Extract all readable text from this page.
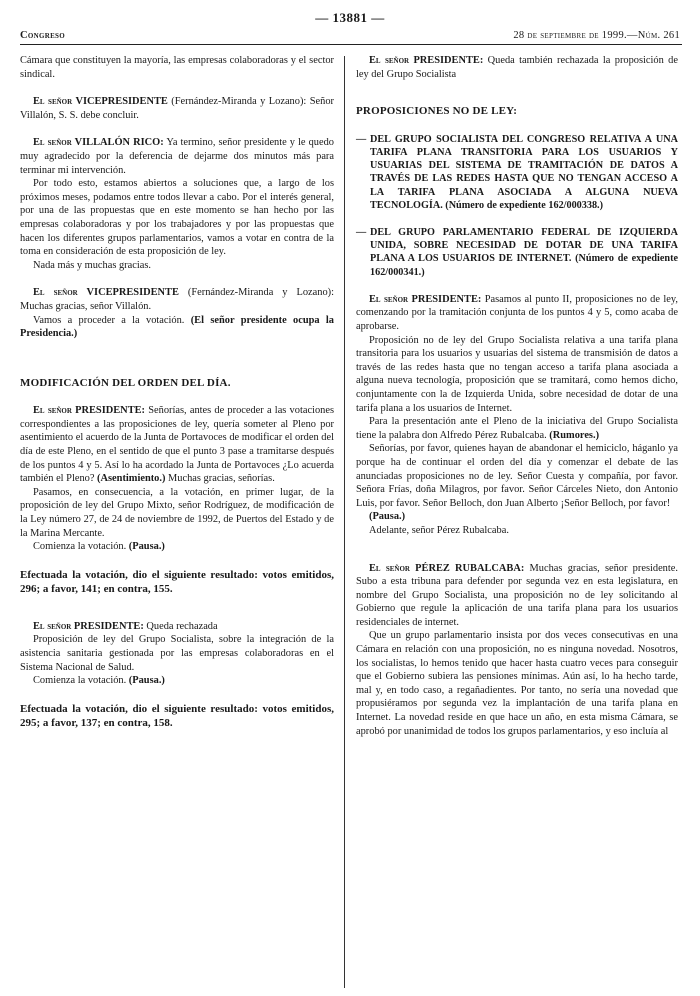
— 13881 —
Congreso	28 de septiembre de 1999.—Núm. 261

Cámara que constituyen la mayoría, las empresas colaboradoras y el sector sindical.

El señor VICEPRESIDENTE (Fernández-Miranda y Lozano): Señor Villalón, S. S. debe concluir.

El señor VILLALÓN RICO: Ya termino, señor presidente y le quedo muy agradecido por la deferencia de dejarme dos minutos más para terminar mi intervención.

Por todo esto, estamos abiertos a soluciones que, a largo de los próximos meses, podamos entre todos llevar a cabo. Por el interés general, por una de las propuestas que en este momento se han hecho por las empresas colaboradoras y por los trabajadores y por las propuestas que hacen los diferentes grupos parlamentarios, vamos a votar en contra de la toma en consideración de esta proposición de ley.

Nada más y muchas gracias.

El señor VICEPRESIDENTE (Fernández-Miranda y Lozano): Muchas gracias, señor Villalón.

Vamos a proceder a la votación. (El señor presidente ocupa la Presidencia.)

MODIFICACIÓN DEL ORDEN DEL DÍA.

El señor PRESIDENTE: Señorías, antes de proceder a las votaciones correspondientes a las proposiciones de ley, quería someter al Pleno por asentimiento el acuerdo de la Junta de Portavoces de modificar el orden del día de este Pleno, en el sentido de que el punto 3 pase a tramitarse después de los puntos 4 y 5. Así lo ha acordado la Junta de Portavoces ¿Lo acuerda también el Pleno? (Asentimiento.) Muchas gracias, señorías.

Pasamos, en consecuencia, a la votación, en primer lugar, de la proposición de ley del Grupo Mixto, señor Rodríguez, de modificación de la Ley número 27, de 24 de noviembre de 1992, de Puertos del Estado y de la Marina Mercante.

Comienza la votación. (Pausa.)

Efectuada la votación, dio el siguiente resultado: votos emitidos, 296; a favor, 141; en contra, 155.

El señor PRESIDENTE: Queda rechazada

Proposición de ley del Grupo Socialista, sobre la integración de la asistencia sanitaria gestionada por las empresas colaboradoras en el Sistema Nacional de Salud.

Comienza la votación. (Pausa.)

Efectuada la votación, dio el siguiente resultado: votos emitidos, 295; a favor, 137; en contra, 158.

El señor PRESIDENTE: Queda también rechazada la proposición de ley del Grupo Socialista

PROPOSICIONES NO DE LEY:

— DEL GRUPO SOCIALISTA DEL CONGRESO RELATIVA A UNA TARIFA PLANA TRANSITORIA PARA LOS USUARIOS Y USUARIAS DEL SISTEMA DE TRAMITACIÓN DE DATOS A TRAVÉS DE LAS REDES HASTA QUE NO TENGAN ACCESO A LA TARIFA PLANA ASOCIADA A ALGUNA NUEVA TECNOLOGÍA. (Número de expediente 162/000338.)

— DEL GRUPO PARLAMENTARIO FEDERAL DE IZQUIERDA UNIDA, SOBRE NECESIDAD DE DOTAR DE UNA TARIFA PLANA A LOS USUARIOS DE INTERNET. (Número de expediente 162/000341.)

El señor PRESIDENTE: Pasamos al punto II, proposiciones no de ley, comenzando por la tramitación conjunta de los puntos 4 y 5, como acaba de aprobarse.

Proposición no de ley del Grupo Socialista relativa a una tarifa plana transitoria para los usuarios y usuarias del sistema de transmisión de datos a través de las redes hasta que no tengan acceso a tarifa plana asociada a alguna nueva tecnología, proposición que se tramitará, como hemos dicho, conjuntamente con la de Izquierda Unida, sobre necesidad de dotar de una tarifa plana a los usuarios de Internet.

Para la presentación ante el Pleno de la iniciativa del Grupo Socialista tiene la palabra don Alfredo Pérez Rubalcaba. (Rumores.)

Señorías, por favor, quienes hayan de abandonar el hemiciclo, háganlo ya porque ha de continuar el orden del día y comenzar el debate de las anunciadas proposiciones no de ley. Señor Cuesta y compañía, por favor. Señora Frías, doña Milagros, por favor. Señor Cárceles Nieto, don Antonio Luis, por favor. Señor Belloch, don Juan Alberto ¡Señor Belloch, por favor!

(Pausa.)

Adelante, señor Pérez Rubalcaba.

El señor PÉREZ RUBALCABA: Muchas gracias, señor presidente. Subo a esta tribuna para defender por segunda vez en esta legislatura, en nombre del Grupo Socialista, una proposición no de ley solicitando al Gobierno que regule la aplicación de una tarifa plana para los usuarios residenciales de internet.

Que un grupo parlamentario insista por dos veces consecutivas en una Cámara en relación con una proposición, no es ninguna novedad. Nosotros, los socialistas, lo hemos tenido que hacer hasta cuatro veces para conseguir que el Gobierno subiera las pensiones mínimas. Aún así, lo ha hecho tarde, mal y, en todo caso, a regañadientes. Por tanto, no sería una novedad que propusiéramos por segunda vez la implantación de una tarifa plana en Internet. La novedad reside en que hace un año, en esta misma Cámara, se aprobó por unanimidad de todos los grupos parlamentarios, y eso incluía al
